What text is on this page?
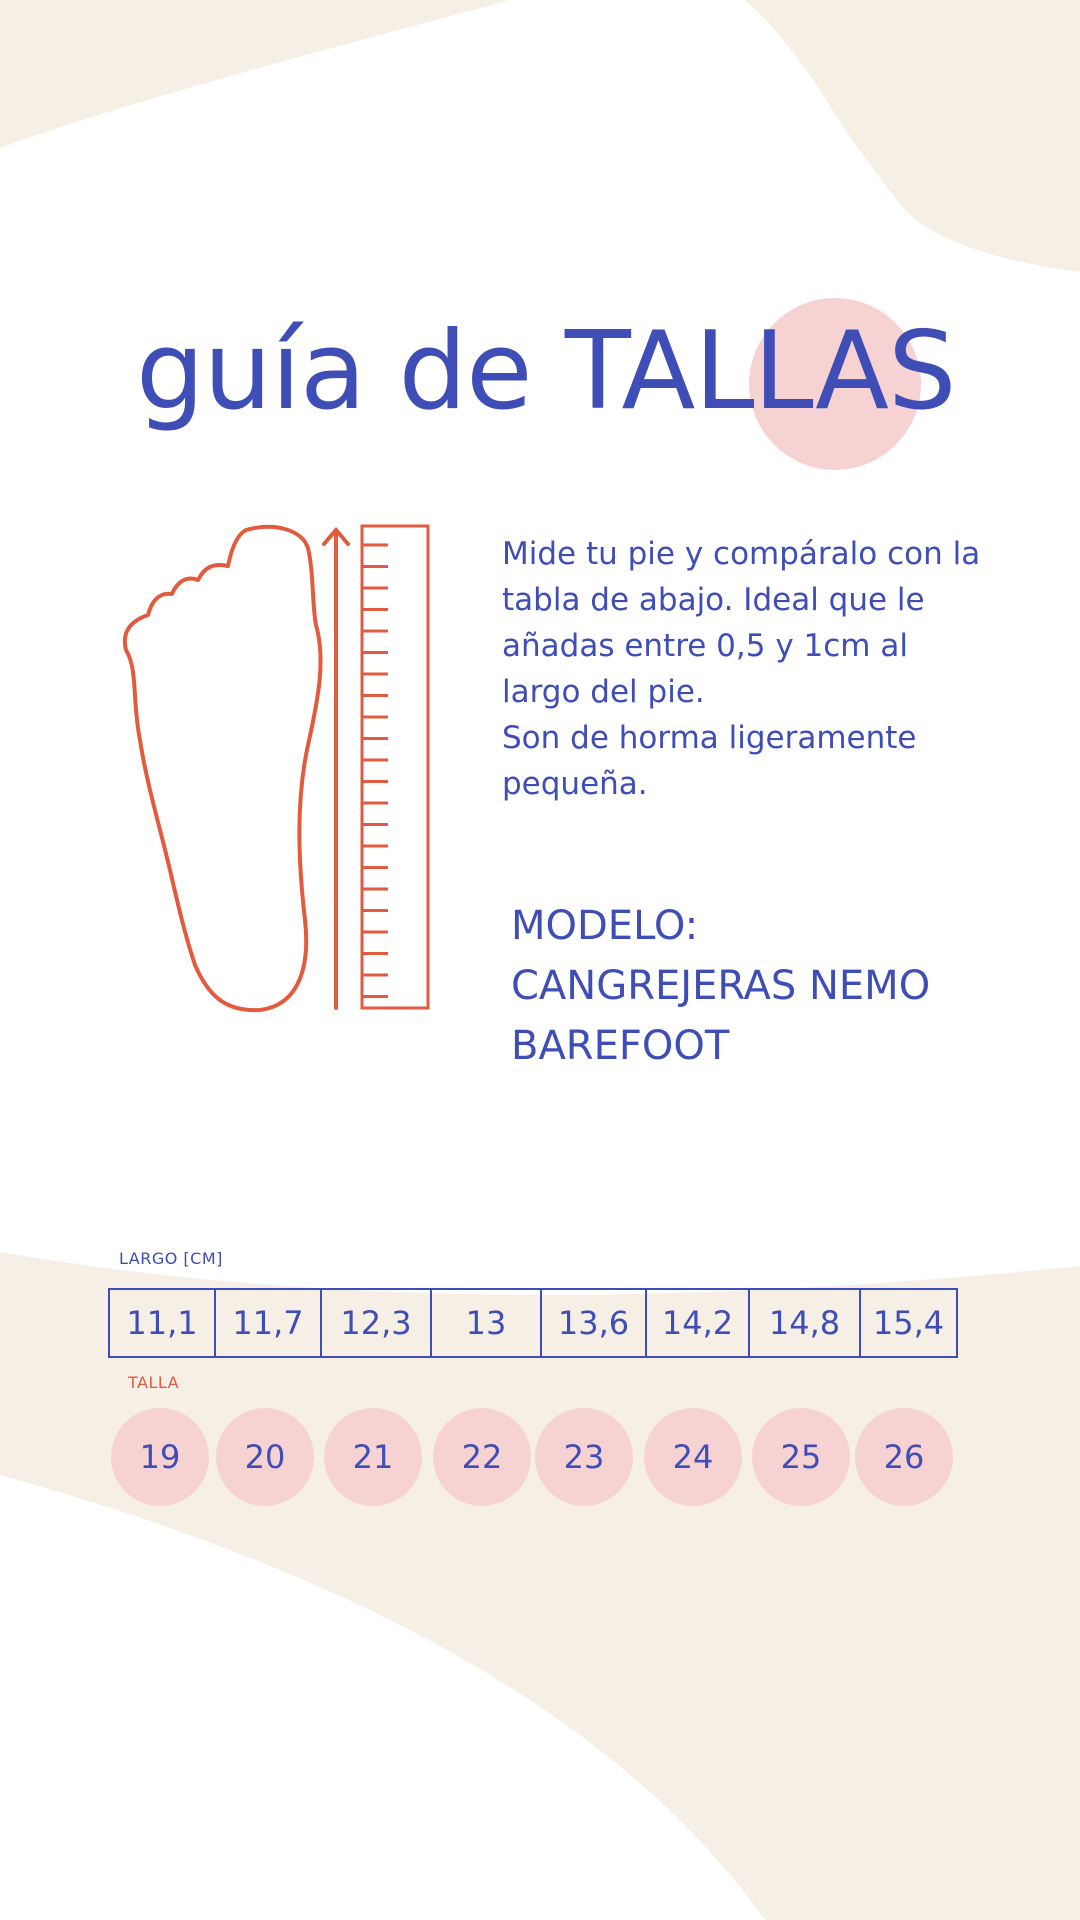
guía de TALLAS

Mide tu pie y compáralo con la tabla de abajo. Ideal que le añadas entre 0,5 y 1cm al largo del pie.

Son de horma ligeramente pequeña.

MODELO:
CANGREJERAS NEMO
BAREFOOT
LARGO [CM]
11,1	11,7	12,3	13	13,6	14,2	14,8	15,4
TALLA
19	20	21	22	23	24	25	26
